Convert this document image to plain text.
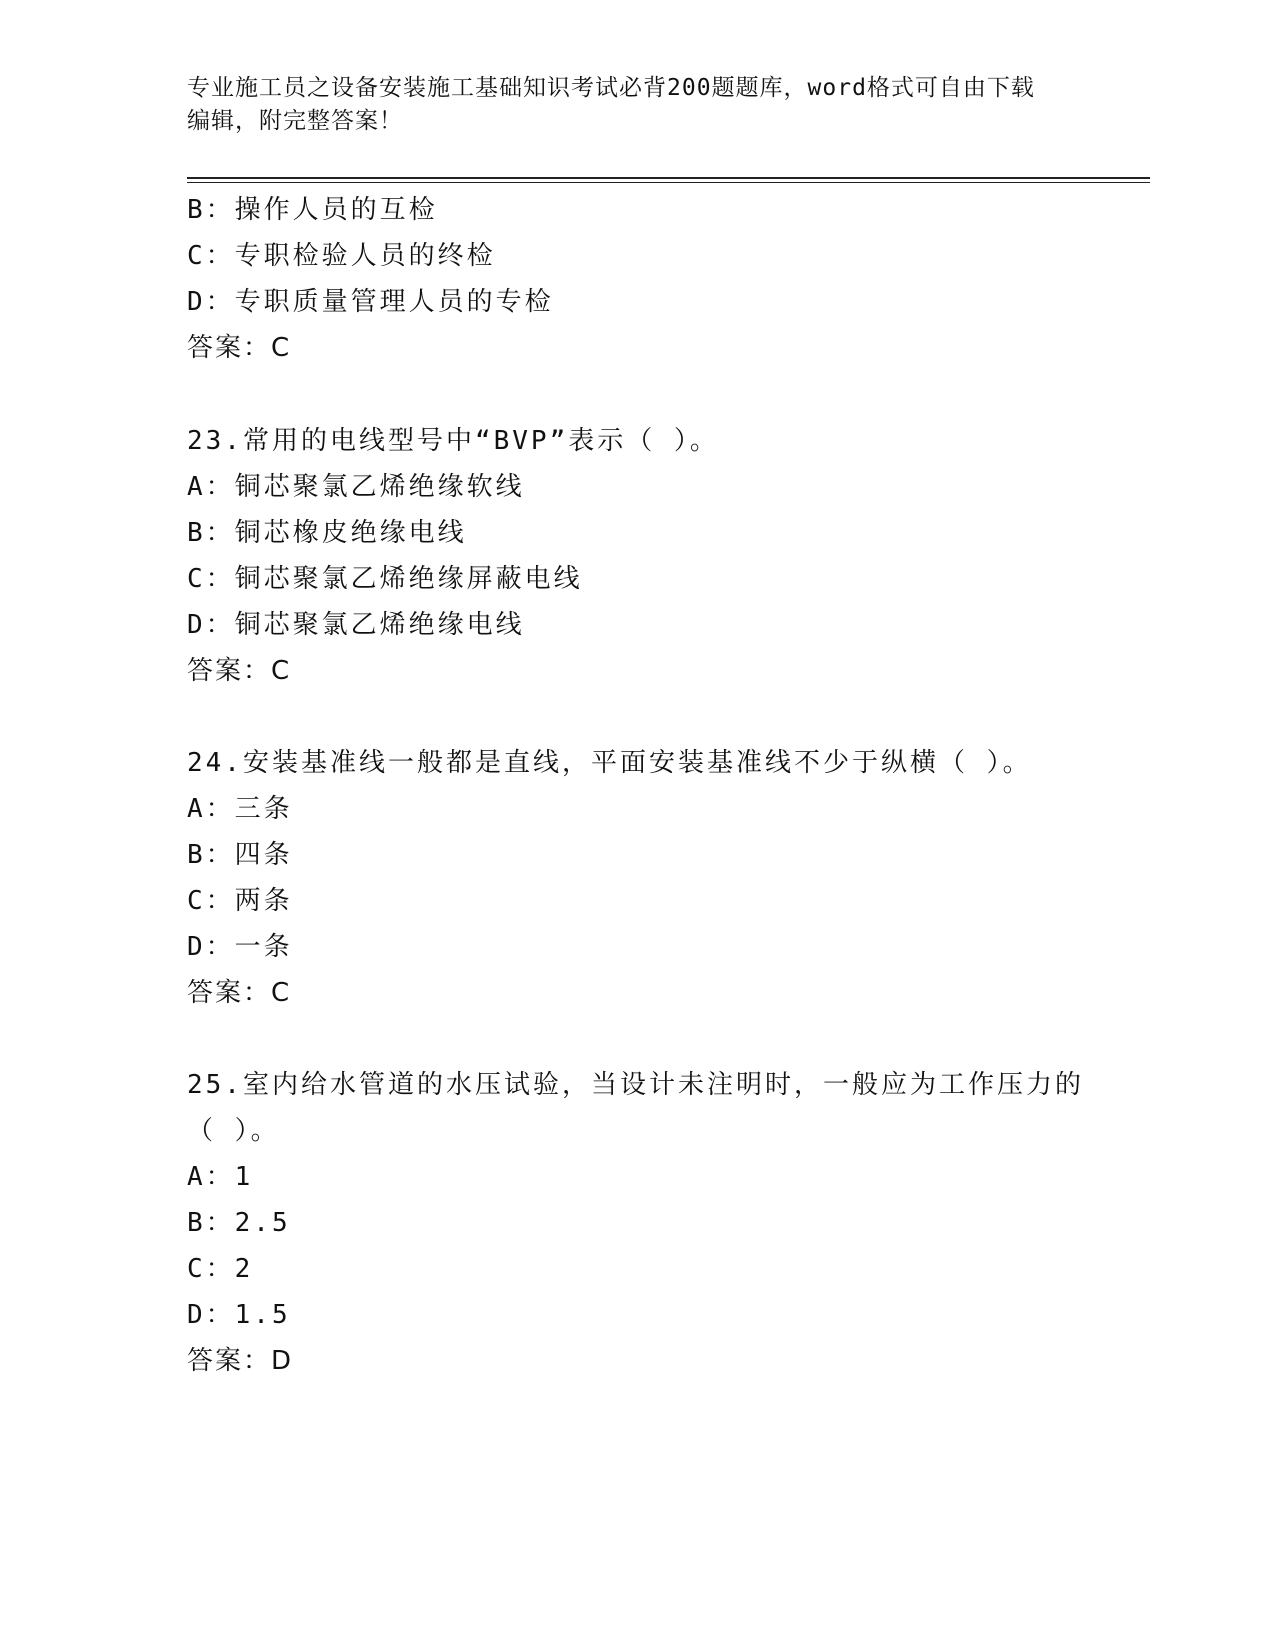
专业施工员之设备安装施工基础知识考试必背200题题库，word格式可自由下载
编辑，附完整答案！
B：操作人员的互检
C：专职检验人员的终检
D：专职质量管理人员的专检
答案：C
23.常用的电线型号中“BVP”表示（ ）。
A：铜芯聚氯乙烯绝缘软线
B：铜芯橡皮绝缘电线
C：铜芯聚氯乙烯绝缘屏蔽电线
D：铜芯聚氯乙烯绝缘电线
答案：C
24.安装基准线一般都是直线，平面安装基准线不少于纵横（ ）。
A：三条
B：四条
C：两条
D：一条
答案：C
25.室内给水管道的水压试验，当设计未注明时，一般应为工作压力的
（ ）。
A：1
B：2.5
C：2
D：1.5
答案：D
